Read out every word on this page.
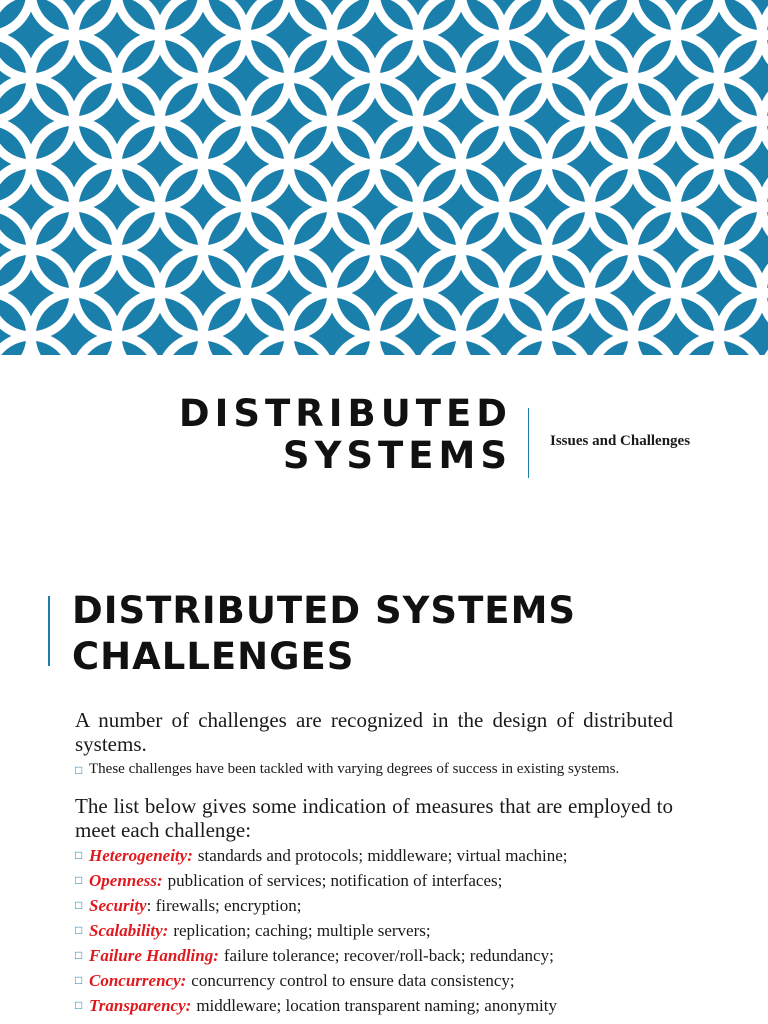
DISTRIBUTED
SYSTEMS	Issues and Challenges
DISTRIBUTED SYSTEMS
CHALLENGES

A number of challenges are recognized in the design of distributed systems.

□ These challenges have been tackled with varying degrees of success in existing systems.

The list below gives some indication of measures that are employed to meet each challenge:

□ Heterogeneity: standards and protocols; middleware; virtual machine;
□ Openness: publication of services; notification of interfaces;
□ Security : firewalls; encryption;
□ Scalability: replication; caching; multiple servers;
□ Failure Handling: failure tolerance; recover/roll-back; redundancy;
□ Concurrency: concurrency control to ensure data consistency;
□ Transparency: middleware; location transparent naming; anonymity
